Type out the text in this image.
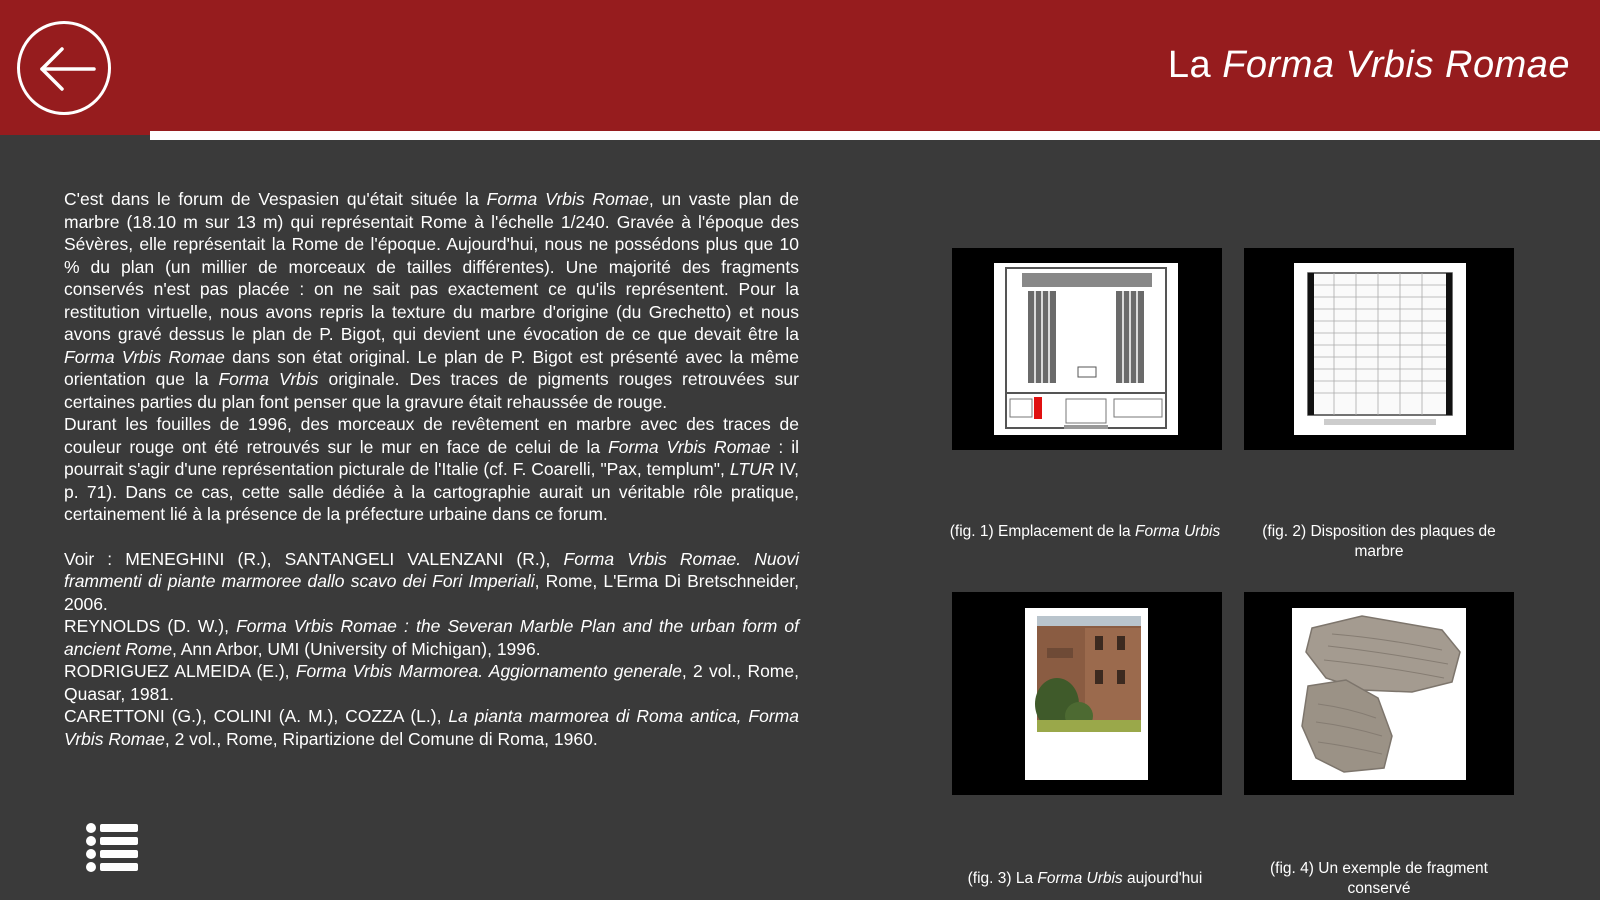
La Forma Vrbis Romae

C'est dans le forum de Vespasien qu'était située la Forma Vrbis Romae, un vaste plan de marbre (18.10 m sur 13 m) qui représentait Rome à l'échelle 1/240. Gravée à l'époque des Sévères, elle représentait la Rome de l'époque. Aujourd'hui, nous ne possédons plus que 10 % du plan (un millier de morceaux de tailles différentes). Une majorité des fragments conservés n'est pas placée : on ne sait pas exactement ce qu'ils représentent. Pour la restitution virtuelle, nous avons repris la texture du marbre d'origine (du Grechetto) et nous avons gravé dessus le plan de P. Bigot, qui devient une évocation de ce que devait être la Forma Vrbis Romae dans son état original. Le plan de P. Bigot est présenté avec la même orientation que la Forma Vrbis originale. Des traces de pigments rouges retrouvées sur certaines parties du plan font penser que la gravure était rehaussée de rouge.

Durant les fouilles de 1996, des morceaux de revêtement en marbre avec des traces de couleur rouge ont été retrouvés sur le mur en face de celui de la Forma Vrbis Romae : il pourrait s'agir d'une représentation picturale de l'Italie (cf. F. Coarelli, "Pax, templum", LTUR IV, p. 71). Dans ce cas, cette salle dédiée à la cartographie aurait un véritable rôle pratique, certainement lié à la présence de la préfecture urbaine dans ce forum.

Voir : MENEGHINI (R.), SANTANGELI VALENZANI (R.), Forma Vrbis Romae. Nuovi frammenti di piante marmoree dallo scavo dei Fori Imperiali, Rome, L'Erma Di Bretschneider, 2006.

REYNOLDS (D. W.), Forma Vrbis Romae : the Severan Marble Plan and the urban form of ancient Rome, Ann Arbor, UMI (University of Michigan), 1996.

RODRIGUEZ ALMEIDA (E.), Forma Vrbis Marmorea. Aggiornamento generale, 2 vol., Rome, Quasar, 1981.

CARETTONI (G.), COLINI (A. M.), COZZA (L.), La pianta marmorea di Roma antica, Forma Vrbis Romae, 2 vol., Rome, Ripartizione del Comune di Roma, 1960.

(fig. 1) Emplacement de la Forma Urbis	(fig. 2) Disposition des plaques de marbre
(fig. 3) La Forma Urbis aujourd'hui
(fig. 4) Un exemple de fragment conservé
